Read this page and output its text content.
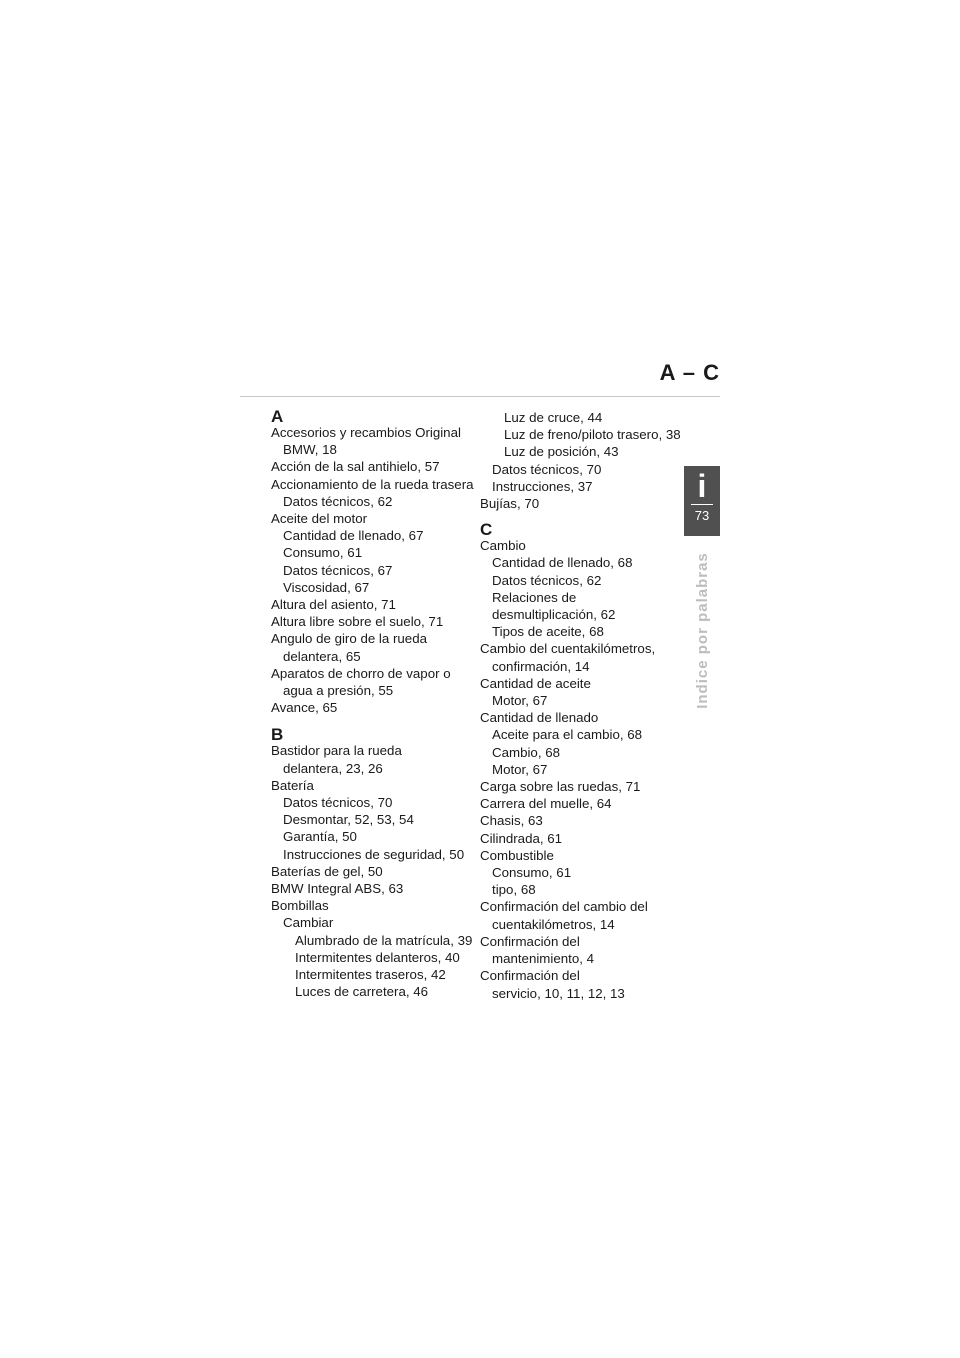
A – C
i
73
Indice por palabras
A
Accesorios y recambios Original
BMW, 18
Acción de la sal antihielo, 57
Accionamiento de la rueda trasera
Datos técnicos, 62
Aceite del motor
Cantidad de llenado, 67
Consumo, 61
Datos técnicos, 67
Viscosidad, 67
Altura del asiento, 71
Altura libre sobre el suelo, 71
Angulo de giro de la rueda
delantera, 65
Aparatos de chorro de vapor o
agua a presión, 55
Avance, 65
B
Bastidor para la rueda
delantera, 23, 26
Batería
Datos técnicos, 70
Desmontar, 52, 53, 54
Garantía, 50
Instrucciones de seguridad, 50
Baterías de gel, 50
BMW Integral ABS, 63
Bombillas
Cambiar
Alumbrado de la matrícula, 39
Intermitentes delanteros, 40
Intermitentes traseros, 42
Luces de carretera, 46
Luz de cruce, 44
Luz de freno/piloto trasero, 38
Luz de posición, 43
Datos técnicos, 70
Instrucciones, 37
Bujías, 70
C
Cambio
Cantidad de llenado, 68
Datos técnicos, 62
Relaciones de
desmultiplicación, 62
Tipos de aceite, 68
Cambio del cuentakilómetros,
confirmación, 14
Cantidad de aceite
Motor, 67
Cantidad de llenado
Aceite para el cambio, 68
Cambio, 68
Motor, 67
Carga sobre las ruedas, 71
Carrera del muelle, 64
Chasis, 63
Cilindrada, 61
Combustible
Consumo, 61
tipo, 68
Confirmación del cambio del
cuentakilómetros, 14
Confirmación del
mantenimiento, 4
Confirmación del
servicio, 10, 11, 12, 13
